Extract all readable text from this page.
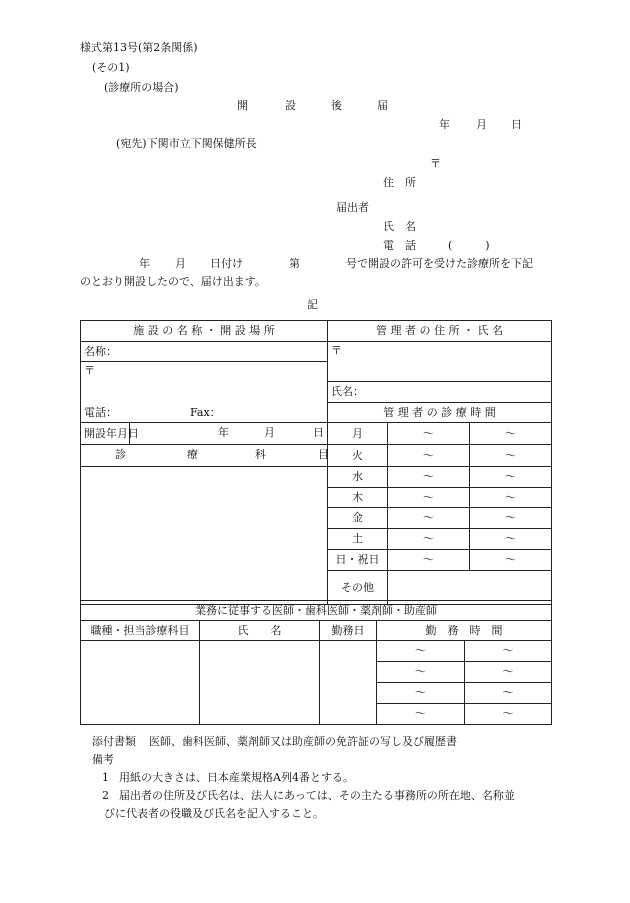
様式第13号(第2条関係)
(その1)
(診療所の場合)
開	設	後	届
年 月 日
(宛先)下関市立下関保健所長
〒
住　所
届出者
氏　名
電　話	(　　　)
年 月 日付け	第	号で開設の許可を受けた診療所を下記
のとおり開設したので、届け出ます。
記
施 設 の 名 称 ・ 開 設 場 所	管 理 者 の 住 所 ・ 氏 名		
名称：	〒		
〒
電話： Fax：			

	氏名：		
	管 理 者 の 診 療 時 間		

開設年月日 年 月 日	月	～	～

診 療 科 目	火	～	～
	水	～	～
	木	～	～
	金	～	～
	土	～	～
	日・祝日	～	～
	その他		
業務に従事する医師・歯科医師・薬剤師・助産師				
職種・担当診療科目	氏　　名	勤務日	勤　務　時　間	
			～	～
			～	～
			～	～
			～	～
添付書類 医師、歯科医師、薬剤師又は助産師の免許証の写し及び履歴書
備考
1 用紙の大きさは、日本産業規格A列4番とする。
2 届出者の住所及び氏名は、法人にあっては、その主たる事務所の所在地、名称並
びに代表者の役職及び氏名を記入すること。
